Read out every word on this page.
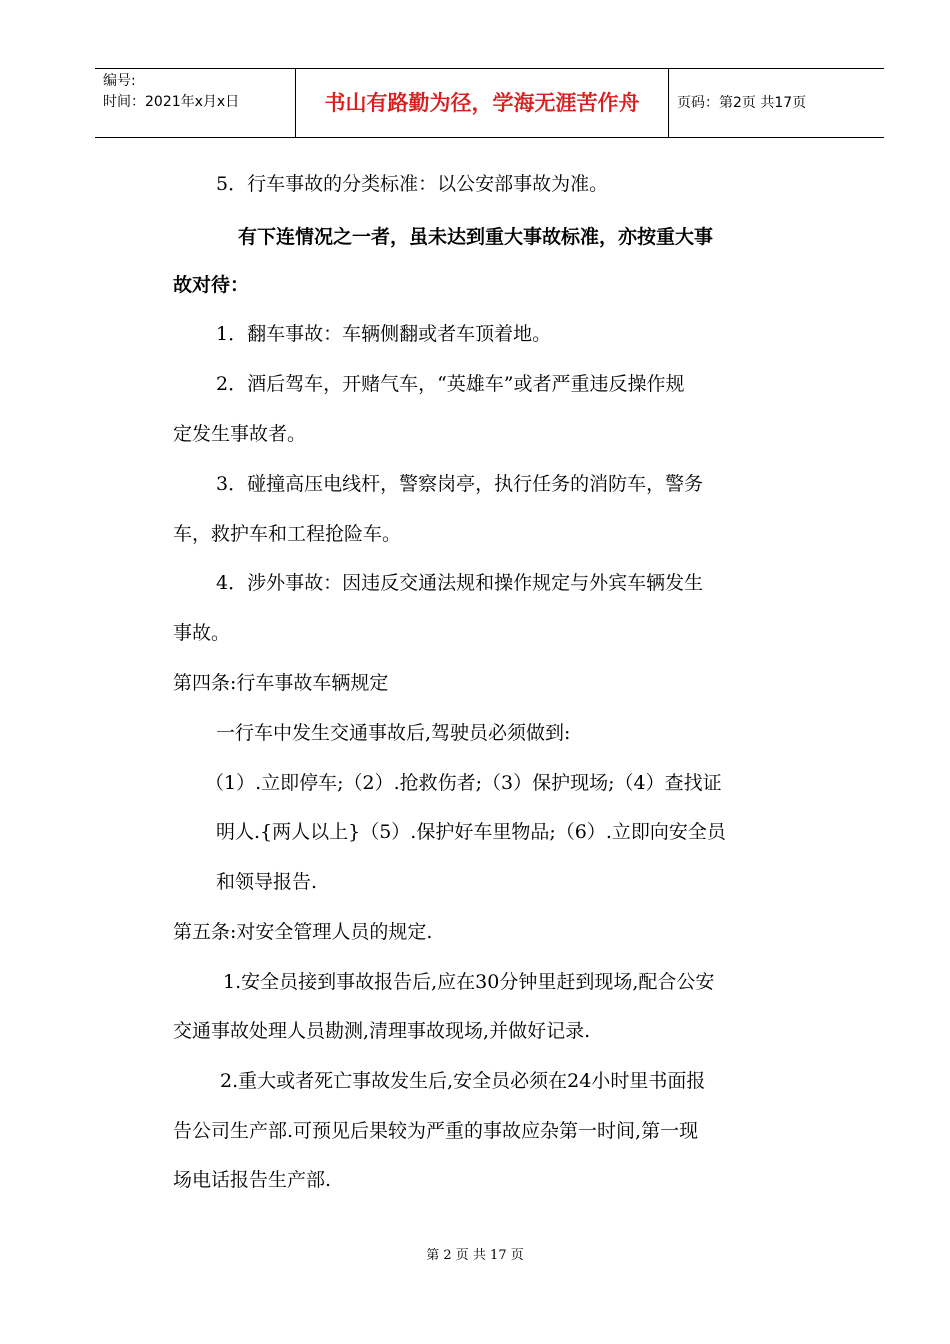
编号:
时间：2021年x月x日	书山有路勤为径，学海无涯苦作舟	页码：第2页 共17页
5．行车事故的分类标准：以公安部事故为准。
有下连情况之一者，虽未达到重大事故标准，亦按重大事
故对待：
1．翻车事故：车辆侧翻或者车顶着地。
2．酒后驾车，开赌气车，“英雄车”或者严重违反操作规
定发生事故者。
3．碰撞高压电线杆，警察岗亭，执行任务的消防车，警务
车，救护车和工程抢险车。
4．涉外事故：因违反交通法规和操作规定与外宾车辆发生
事故。
第四条:行车事故车辆规定
一行车中发生交通事故后,驾驶员必须做到:
（1）.立即停车;（2）.抢救伤者;（3）保护现场;（4）查找证
明人.{两人以上}（5）.保护好车里物品;（6）.立即向安全员
和领导报告.
第五条:对安全管理人员的规定.
1.安全员接到事故报告后,应在30分钟里赶到现场,配合公安
交通事故处理人员勘测,清理事故现场,并做好记录.
2.重大或者死亡事故发生后,安全员必须在24小时里书面报
告公司生产部.可预见后果较为严重的事故应杂第一时间,第一现
场电话报告生产部.
第 2 页 共 17 页
